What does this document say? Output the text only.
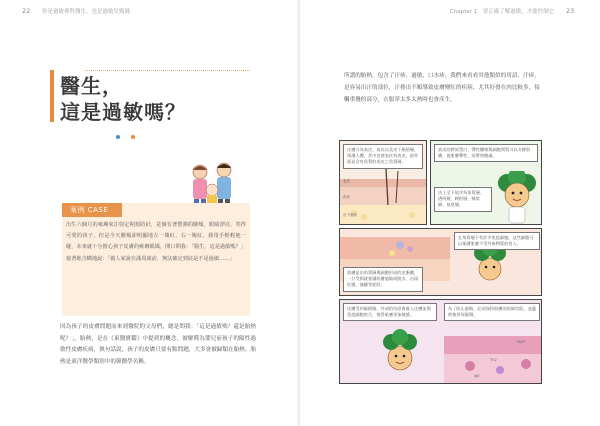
22 你是過敏專科醫生，也是過敏兒媽媽
醫生，
這是過敏嗎？

案例 CASE
出生六個月的雍琳來注射定期預防針，是個有著豐潤的臉頰、眼睛漂亮、笑得可愛的孩子，但是今天臉頰卻明顯地左一塊紅、右一塊紅，我用手輕輕地一碰，本來就十分擔心孩子皮膚的雍琳媽媽，開口問我：「醫生，這是過敏嗎？」接著她含糊地說：「親人家說在滿周歲前，無法確定到底是不是過敏……」
因為孩子的皮膚問題而來到醫院的父母們，總是問我：「這是過敏嗎？還是胎熱呢？」，胎熱，是在《東醫寶鑑》中提到的概念，被解釋為嬰兒前孩子的陽性過敏性皮膚疾病，換句話說，孩子的皮膚只要有點問題，大多會被歸類在胎熱。胎熱是東洋醫學類別中的韓醫學名稱。
Chapter 1　要正確了解過敏，才能控制它 23
所謂的胎熱，包含了汗疹、過敏，口水疹。我們來看看其他類似的用語，汗疹，是容易出汗的部位，汗排出不順導致皮膚變紅的疾病，尤其好發在肉比較多，接觸重疊的部分，衣服穿太多太熱時也會產生。
皮膚分為表皮、真皮以及皮下脂肪層，保護人體，其中也使表皮為表皮，最外面是含有角質的表皮之角質層。
表皮
真皮
皮下脂肪
真皮的膠原蛋白、彈性纖維與細胞間質可以支撐肌膚，使肌膚彈性、結實和飽滿。
由上至下依序為角質層、透明層、顆粒層、棘狀層、基底層。
肌膚是由角質層與細胞形成的皮脂膜，一旦受損就會讓肌膚過敏或脫水，出現紅腫、搔癢等症狀。
在角質層下有許多免疫細胞，這些細胞可以保護肌膚不受外來物質的侵入。
皮膚受到破損後，外部的抗原會進入皮膚並與免疫細胞結合，使得肌膚更加敏感。
為了防止過敏，必須保持肌膚的屏障功能，並適時使用保濕劑。
TSLP
IgE
Th2
